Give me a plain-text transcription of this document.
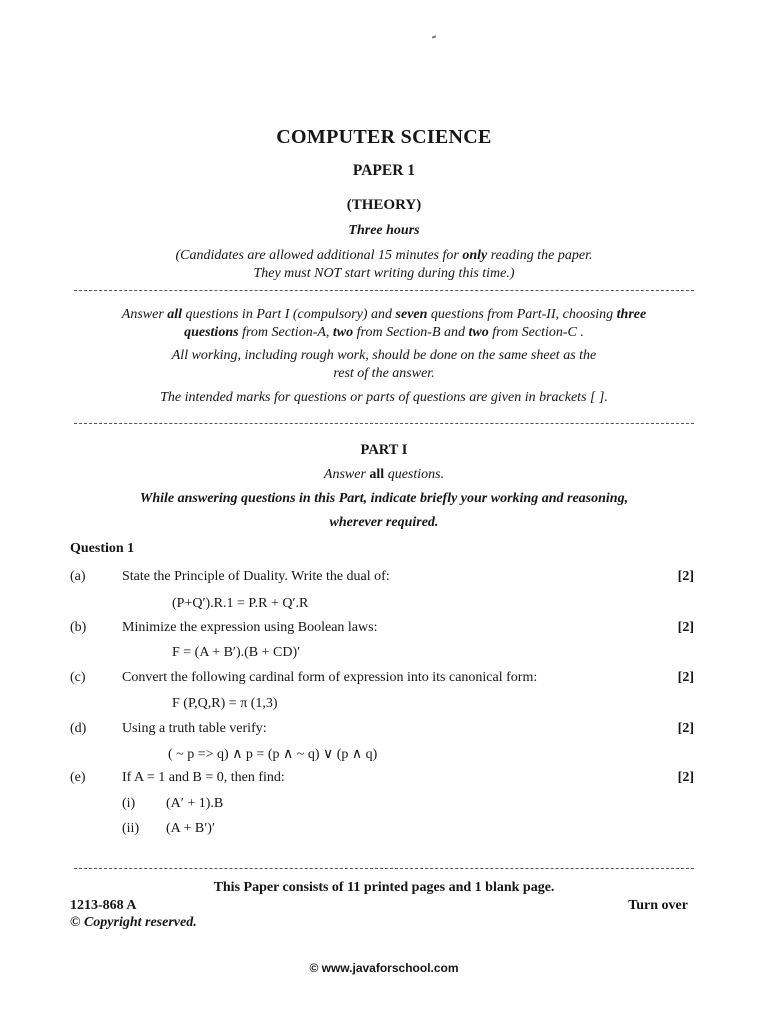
COMPUTER SCIENCE
PAPER 1
(THEORY)
Three hours
(Candidates are allowed additional 15 minutes for only reading the paper.
They must NOT start writing during this time.)
Answer all questions in Part I (compulsory) and seven questions from Part-II, choosing three
questions from Section-A, two from Section-B and two from Section-C .
All working, including rough work, should be done on the same sheet as the
rest of the answer.
The intended marks for questions or parts of questions are given in brackets [ ].
PART I
Answer all questions.
While answering questions in this Part, indicate briefly your working and reasoning,
wherever required.
Question 1
(a)	State the Principle of Duality. Write the dual of:	[2]
(P+Q′).R.1 = P.R + Q′.R
(b)	Minimize the expression using Boolean laws:	[2]
F = (A + B′).(B + CD)′
(c)	Convert the following cardinal form of expression into its canonical form:	[2]
F (P,Q,R) = π (1,3)
(d)	Using a truth table verify:	[2]
( ~ p => q) ∧ p = (p ∧ ~ q) ∨ (p ∧ q)
(e)	If A = 1 and B = 0, then find:	[2]
(i) (A′ + 1).B
(ii) (A + B′)′
This Paper consists of 11 printed pages and 1 blank page.
1213-868 A	Turn over
© Copyright reserved.
© www.javaforschool.com
